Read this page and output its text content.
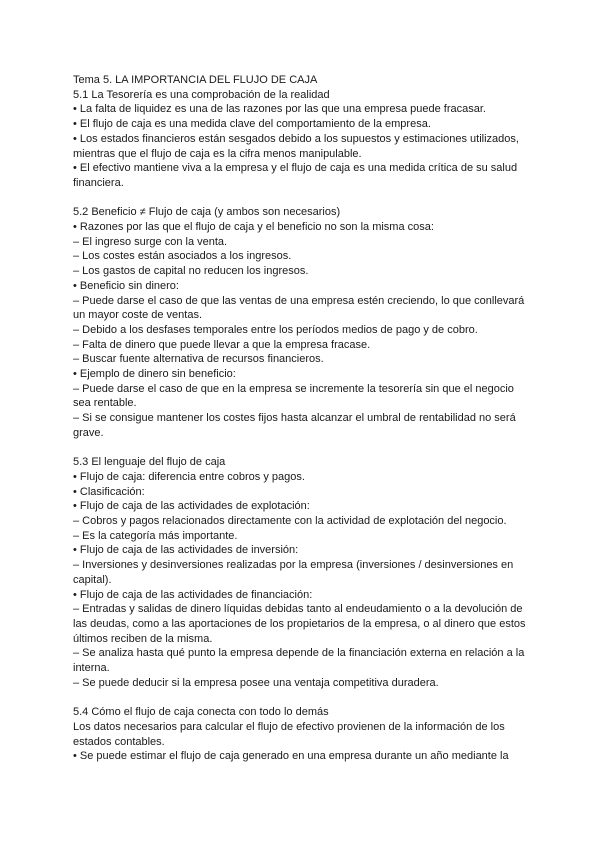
Tema 5. LA IMPORTANCIA DEL FLUJO DE CAJA
5.1 La Tesorería es una comprobación de la realidad
• La falta de liquidez es una de las razones por las que una empresa puede fracasar.
• El flujo de caja es una medida clave del comportamiento de la empresa.
• Los estados financieros están sesgados debido a los supuestos y estimaciones utilizados, mientras que el flujo de caja es la cifra menos manipulable.
• El efectivo mantiene viva a la empresa y el flujo de caja es una medida crítica de su salud financiera.
5.2 Beneficio ≠ Flujo de caja (y ambos son necesarios)
• Razones por las que el flujo de caja y el beneficio no son la misma cosa:
– El ingreso surge con la venta.
– Los costes están asociados a los ingresos.
– Los gastos de capital no reducen los ingresos.
• Beneficio sin dinero:
– Puede darse el caso de que las ventas de una empresa estén creciendo, lo que conllevará un mayor coste de ventas.
– Debido a los desfases temporales entre los períodos medios de pago y de cobro.
– Falta de dinero que puede llevar a que la empresa fracase.
– Buscar fuente alternativa de recursos financieros.
• Ejemplo de dinero sin beneficio:
– Puede darse el caso de que en la empresa se incremente la tesorería sin que el negocio sea rentable.
– Si se consigue mantener los costes fijos hasta alcanzar el umbral de rentabilidad no será grave.
5.3 El lenguaje del flujo de caja
• Flujo de caja: diferencia entre cobros y pagos.
• Clasificación:
• Flujo de caja de las actividades de explotación:
– Cobros y pagos relacionados directamente con la actividad de explotación del negocio.
– Es la categoría más importante.
• Flujo de caja de las actividades de inversión:
– Inversiones y desinversiones realizadas por la empresa (inversiones / desinversiones en capital).
• Flujo de caja de las actividades de financiación:
– Entradas y salidas de dinero líquidas debidas tanto al endeudamiento o a la devolución de las deudas, como a las aportaciones de los propietarios de la empresa, o al dinero que estos últimos reciben de la misma.
– Se analiza hasta qué punto la empresa depende de la financiación externa en relación a la interna.
– Se puede deducir si la empresa posee una ventaja competitiva duradera.
5.4 Cómo el flujo de caja conecta con todo lo demás
Los datos necesarios para calcular el flujo de efectivo provienen de la información de los estados contables.
• Se puede estimar el flujo de caja generado en una empresa durante un año mediante la
